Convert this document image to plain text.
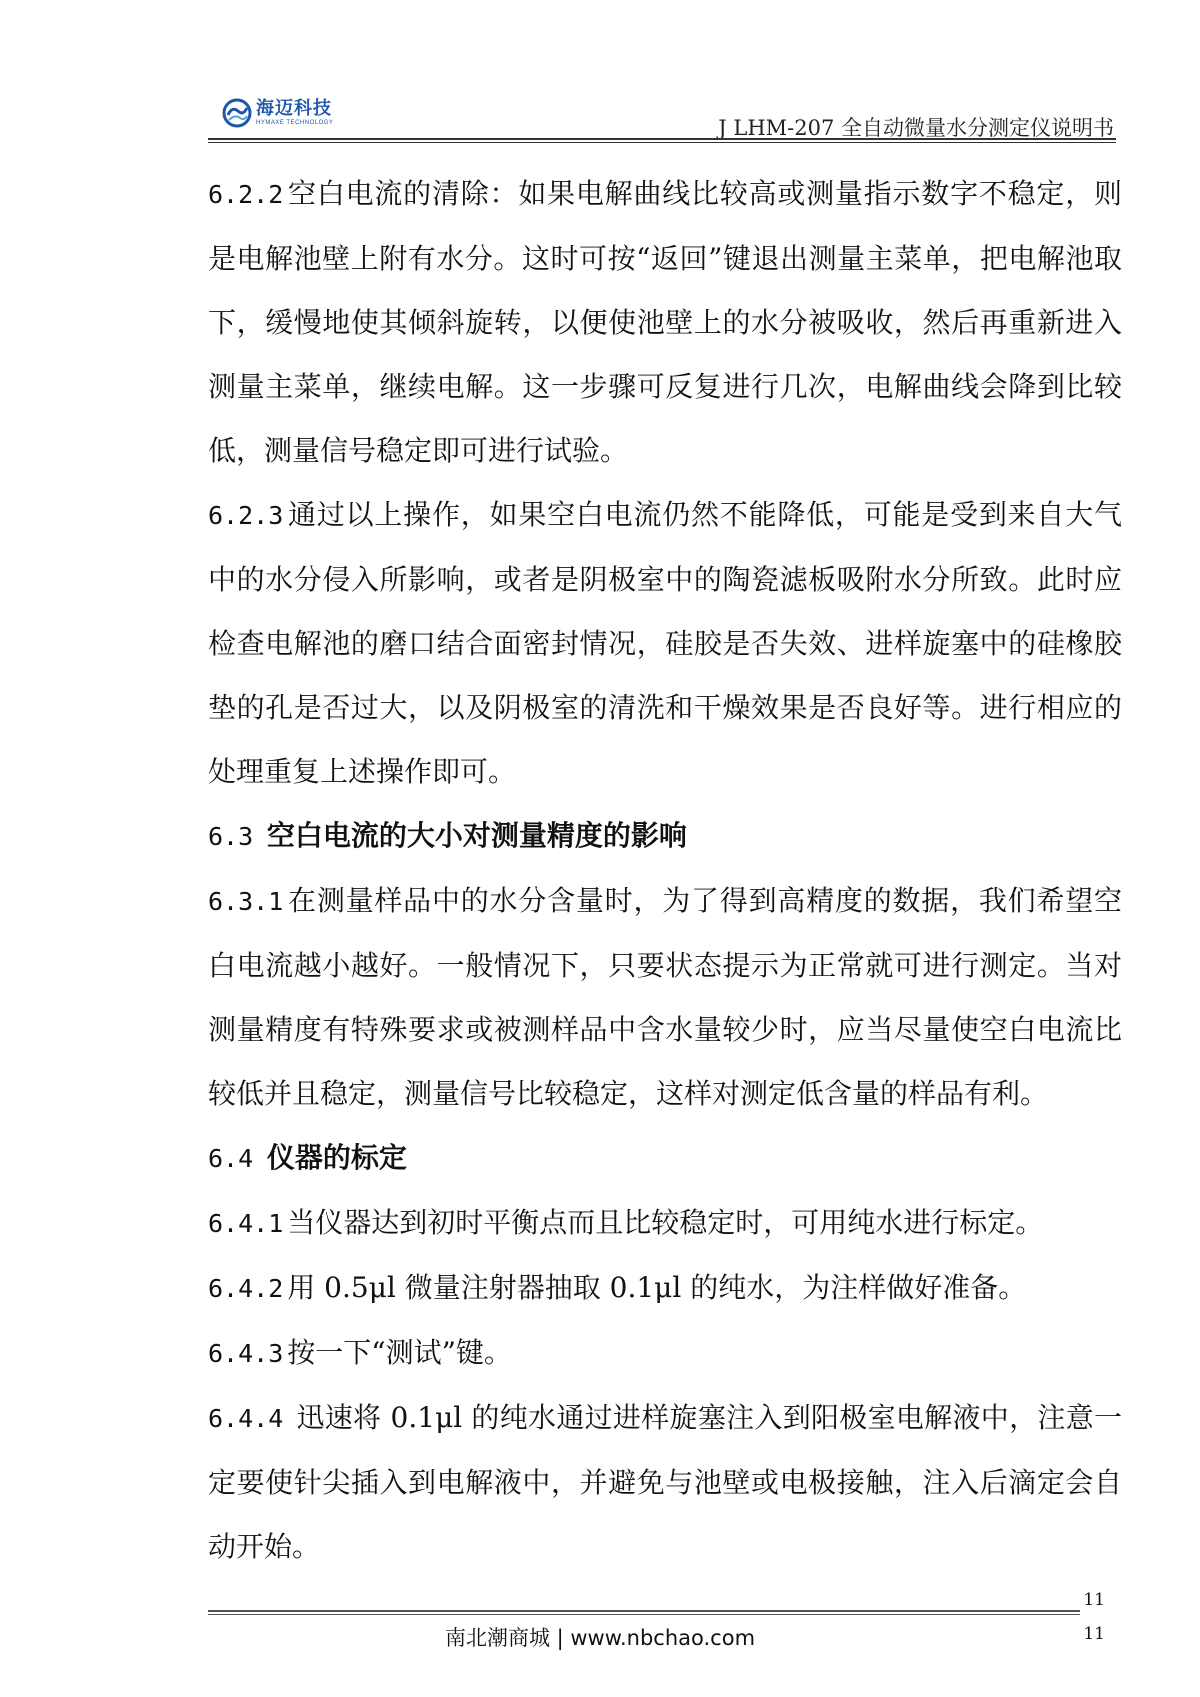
海迈科技
HYMAXE TECHNOLOGY	J LHM-207 全自动微量水分测定仪说明书

6.2.2 空白电流的清除：如果电解曲线比较高或测量指示数字不稳定，则是电解池壁上附有水分。这时可按“返回”键退出测量主菜单，把电解池取下，缓慢地使其倾斜旋转，以便使池壁上的水分被吸收，然后再重新进入测量主菜单，继续电解。这一步骤可反复进行几次，电解曲线会降到比较低，测量信号稳定即可进行试验。

6.2.3 通过以上操作，如果空白电流仍然不能降低，可能是受到来自大气中的水分侵入所影响，或者是阴极室中的陶瓷滤板吸附水分所致。此时应检查电解池的磨口结合面密封情况，硅胶是否失效、进样旋塞中的硅橡胶垫的孔是否过大，以及阴极室的清洗和干燥效果是否良好等。进行相应的处理重复上述操作即可。

6.3 空白电流的大小对测量精度的影响

6.3.1 在测量样品中的水分含量时，为了得到高精度的数据，我们希望空白电流越小越好。一般情况下，只要状态提示为正常就可进行测定。当对测量精度有特殊要求或被测样品中含水量较少时，应当尽量使空白电流比较低并且稳定，测量信号比较稳定，这样对测定低含量的样品有利。

6.4 仪器的标定

6.4.1 当仪器达到初时平衡点而且比较稳定时，可用纯水进行标定。

6.4.2 用 0.5μl 微量注射器抽取 0.1μl 的纯水，为注样做好准备。

6.4.3 按一下“测试”键。

6.4.4 迅速将 0.1μl 的纯水通过进样旋塞注入到阳极室电解液中，注意一定要使针尖插入到电解液中，并避免与池壁或电极接触，注入后滴定会自动开始。

11
南北潮商城 | www.nbchao.com	11
